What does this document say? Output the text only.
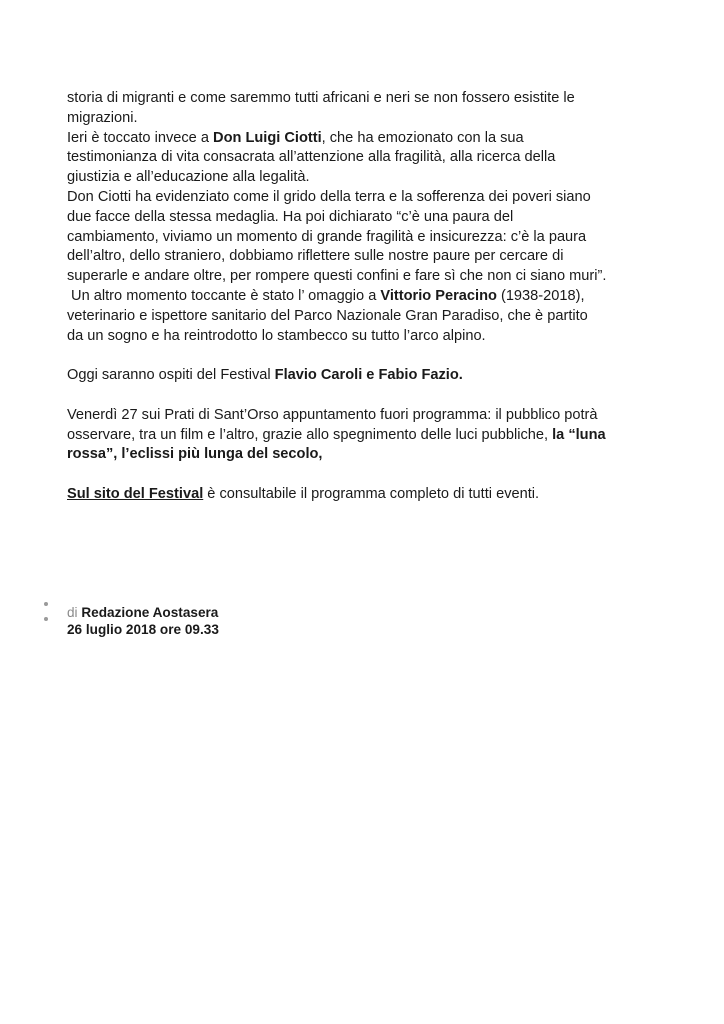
storia di migranti e come saremmo tutti africani e neri se non fossero esistite le
migrazioni.
Ieri è toccato invece a Don Luigi Ciotti, che ha emozionato con la sua
testimonianza di vita consacrata all’attenzione alla fragilità, alla ricerca della
giustizia e all’educazione alla legalità.
Don Ciotti ha evidenziato come il grido della terra e la sofferenza dei poveri siano
due facce della stessa medaglia. Ha poi dichiarato “c’è una paura del
cambiamento, viviamo un momento di grande fragilità e insicurezza: c’è la paura
dell’altro, dello straniero, dobbiamo riflettere sulle nostre paure per cercare di
superarle e andare oltre, per rompere questi confini e fare sì che non ci siano muri”.
Un altro momento toccante è stato l’ omaggio a Vittorio Peracino (1938-2018),
veterinario e ispettore sanitario del Parco Nazionale Gran Paradiso, che è partito
da un sogno e ha reintrodotto lo stambecco su tutto l’arco alpino.
Oggi saranno ospiti del Festival Flavio Caroli e Fabio Fazio.
Venerdì 27 sui Prati di Sant’Orso appuntamento fuori programma: il pubblico potrà
osservare, tra un film e l’altro, grazie allo spegnimento delle luci pubbliche, la “luna
rossa”, l’eclissi più lunga del secolo,
Sul sito del Festival è consultabile il programma completo di tutti eventi.
di Redazione Aostasera
26 luglio 2018 ore 09.33
